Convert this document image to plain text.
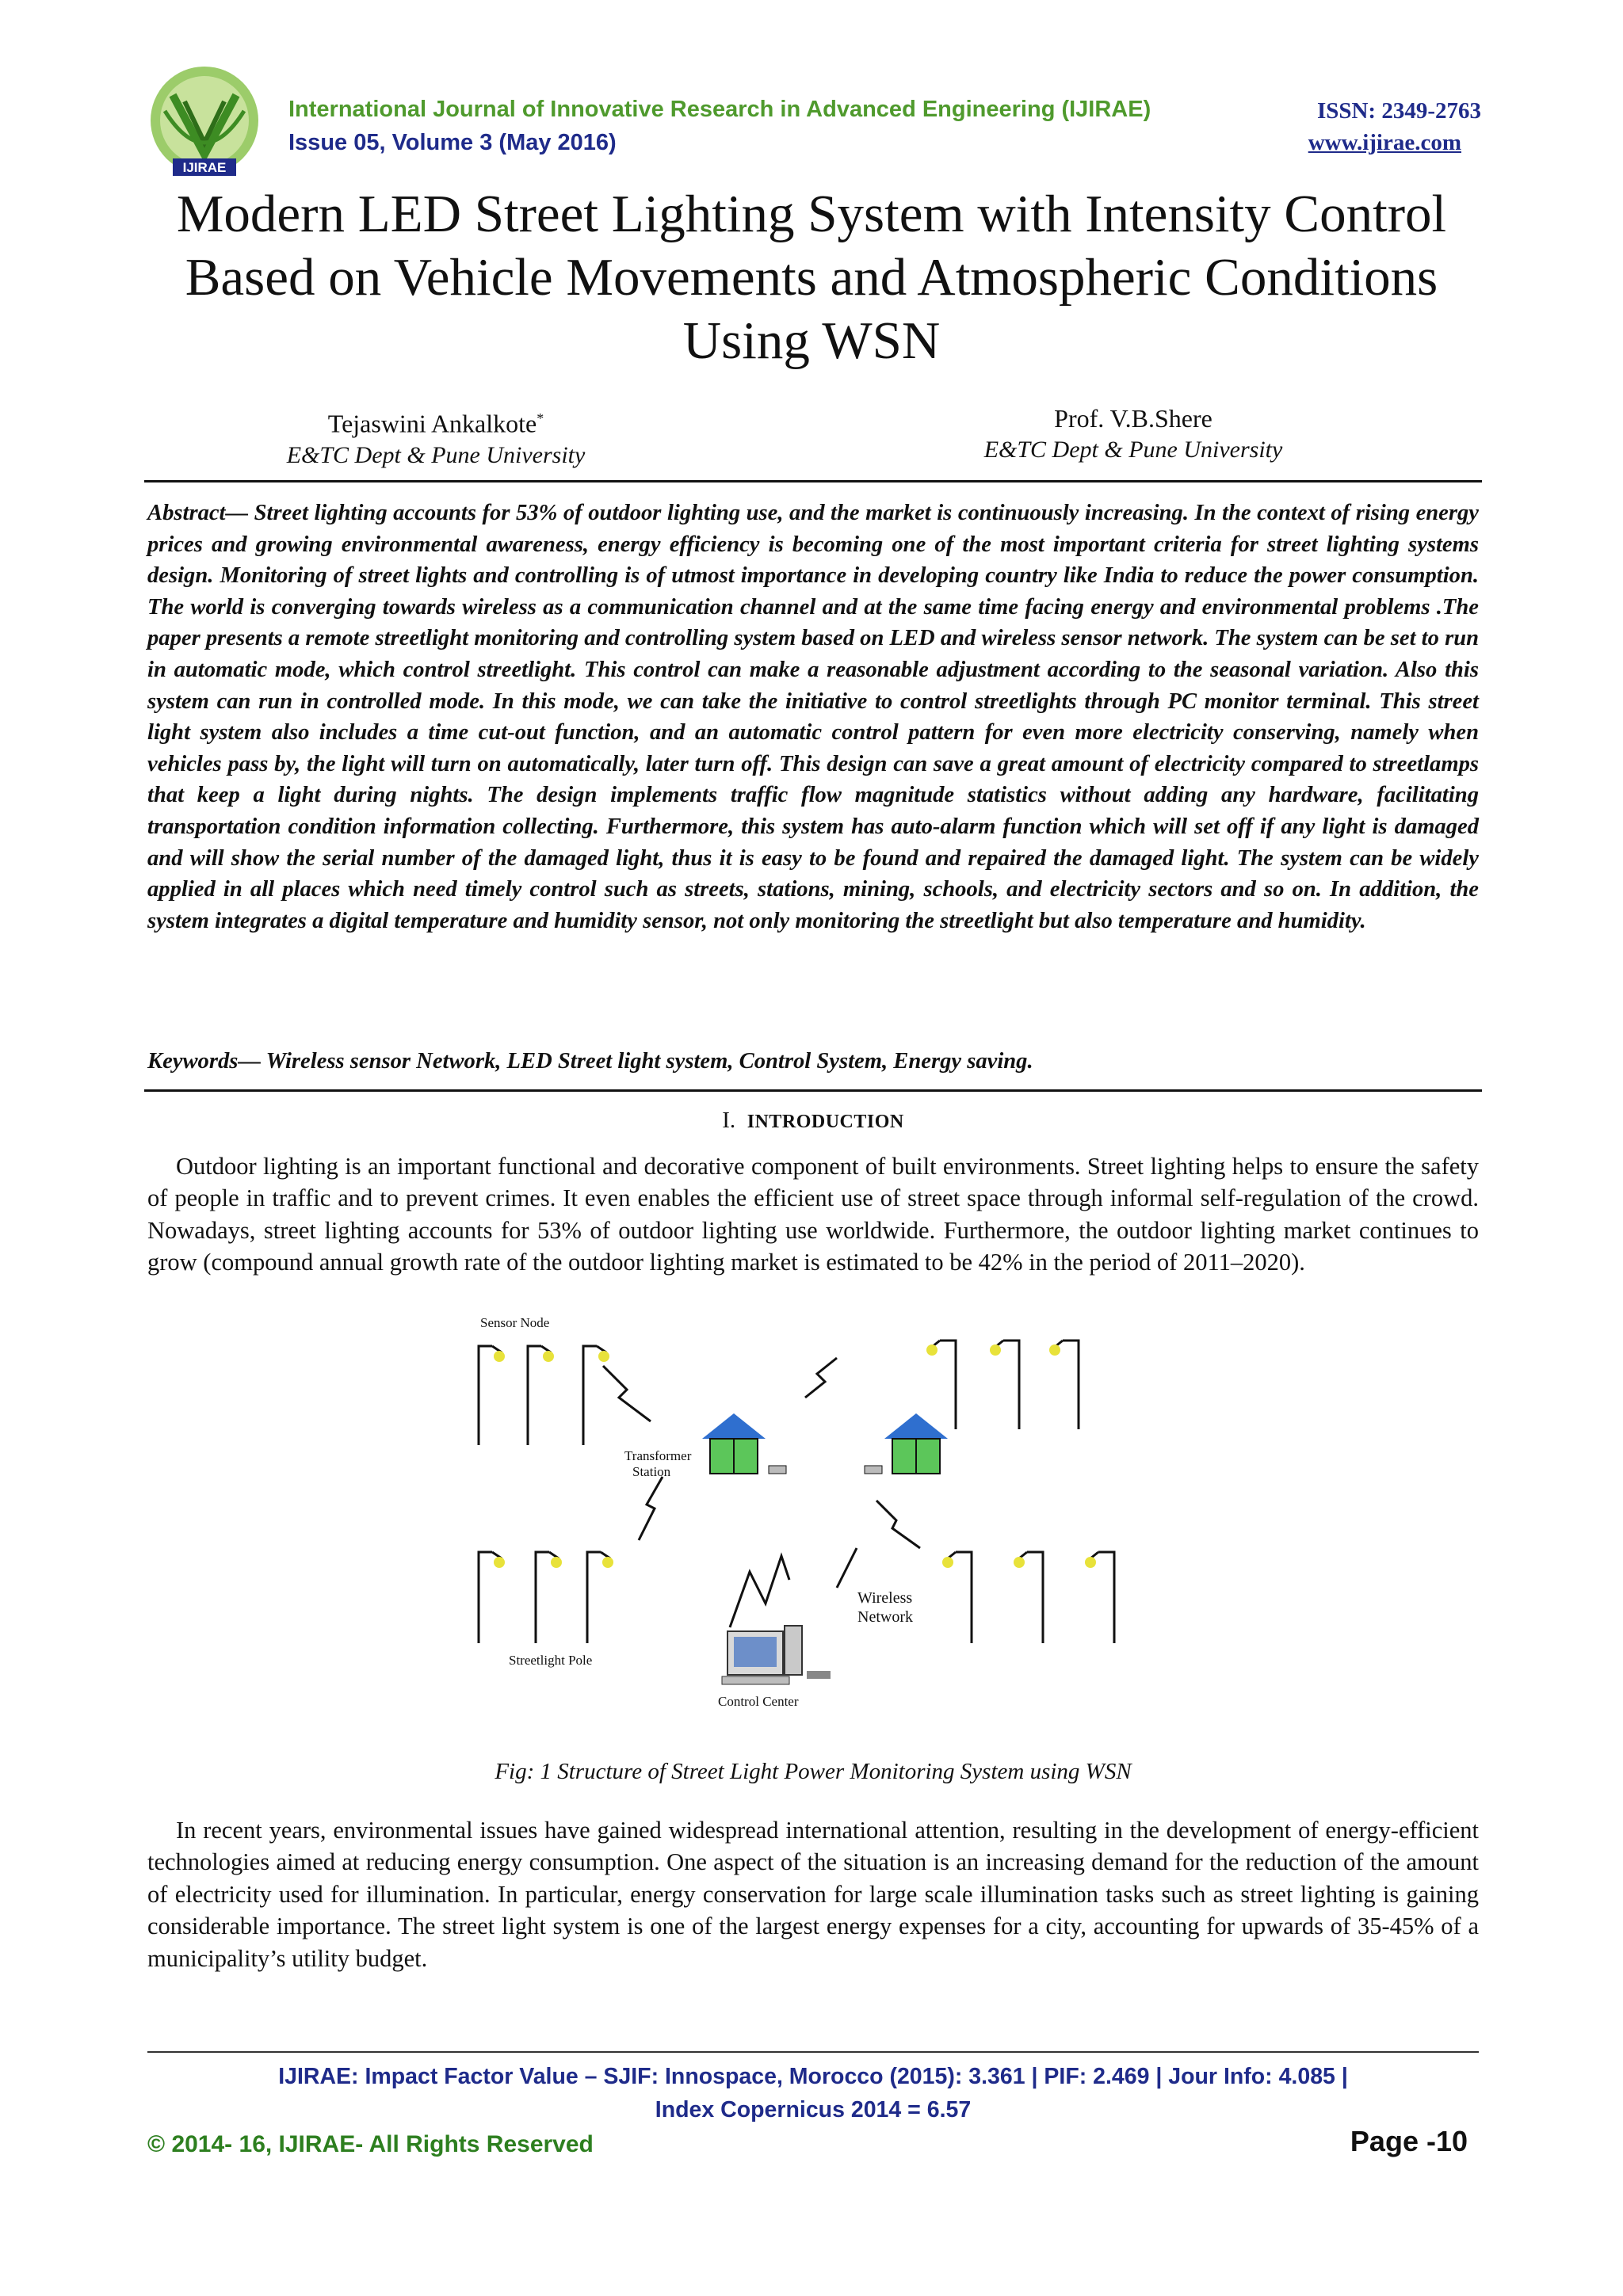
IJIRAE
International Journal of Innovative Research in Advanced Engineering (IJIRAE)	ISSN: 2349-2763
Issue 05, Volume 3 (May 2016)	www.ijirae.com
Modern LED Street Lighting System with Intensity Control
Based on Vehicle Movements and Atmospheric Conditions
Using WSN
Tejaswini Ankalkote*
E&TC Dept & Pune University
Prof. V.B.Shere
E&TC Dept & Pune University

Abstract— Street lighting accounts for 53% of outdoor lighting use, and the market is continuously increasing. In the context of rising energy prices and growing environmental awareness, energy efficiency is becoming one of the most important criteria for street lighting systems design. Monitoring of street lights and controlling is of utmost importance in developing country like India to reduce the power consumption. The world is converging towards wireless as a communication channel and at the same time facing energy and environmental problems .The paper presents a remote streetlight monitoring and controlling system based on LED and wireless sensor network. The system can be set to run in automatic mode, which control streetlight. This control can make a reasonable adjustment according to the seasonal variation. Also this system can run in controlled mode. In this mode, we can take the initiative to control streetlights through PC monitor terminal. This street light system also includes a time cut-out function, and an automatic control pattern for even more electricity conserving, namely when vehicles pass by, the light will turn on automatically, later turn off. This design can save a great amount of electricity compared to streetlamps that keep a light during nights. The design implements traffic flow magnitude statistics without adding any hardware, facilitating transportation condition information collecting. Furthermore, this system has auto-alarm function which will set off if any light is damaged and will show the serial number of the damaged light, thus it is easy to be found and repaired the damaged light. The system can be widely applied in all places which need timely control such as streets, stations, mining, schools, and electricity sectors and so on. In addition, the system integrates a digital temperature and humidity sensor, not only monitoring the streetlight but also temperature and humidity.

Keywords— Wireless sensor Network, LED Street light system, Control System, Energy saving.

I. INTRODUCTION

Outdoor lighting is an important functional and decorative component of built environments. Street lighting helps to ensure the safety of people in traffic and to prevent crimes. It even enables the efficient use of street space through informal self-regulation of the crowd. Nowadays, street lighting accounts for 53% of outdoor lighting use worldwide. Furthermore, the outdoor lighting market continues to grow (compound annual growth rate of the outdoor lighting market is estimated to be 42% in the period of 2011–2020).

Sensor Node
Transformer
Station
Streetlight Pole
Wireless
Network
Control Center
Fig: 1 Structure of Street Light Power Monitoring System using WSN

In recent years, environmental issues have gained widespread international attention, resulting in the development of energy-efficient technologies aimed at reducing energy consumption. One aspect of the situation is an increasing demand for the reduction of the amount of electricity used for illumination. In particular, energy conservation for large scale illumination tasks such as street lighting is gaining considerable importance. The street light system is one of the largest energy expenses for a city, accounting for upwards of 35-45% of a municipality’s utility budget.

IJIRAE: Impact Factor Value – SJIF: Innospace, Morocco (2015): 3.361 | PIF: 2.469 | Jour Info: 4.085 |
Index Copernicus 2014 = 6.57
© 2014- 16, IJIRAE- All Rights Reserved	Page -10
